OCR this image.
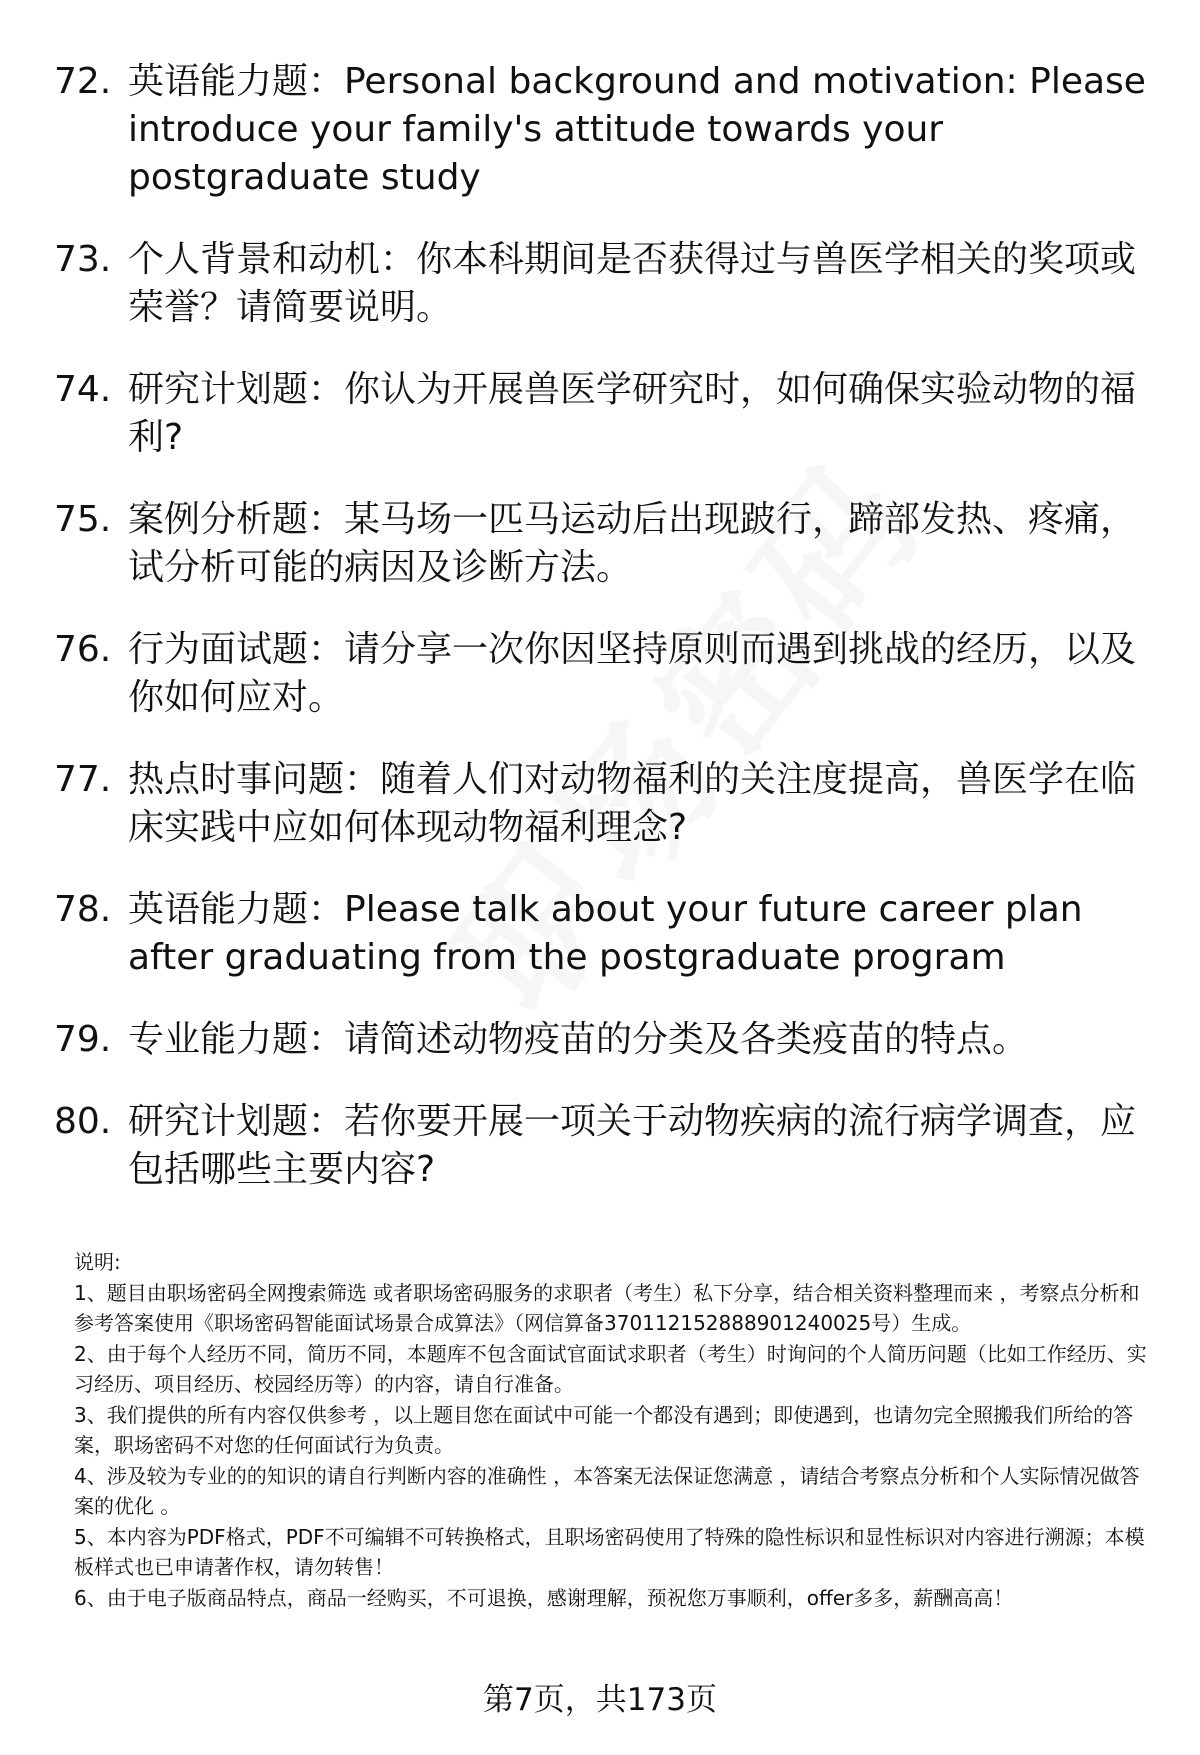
72. 英语能力题：Personal background and motivation: Please introduce your family's attitude towards your postgraduate study
73. 个人背景和动机：你本科期间是否获得过与兽医学相关的奖项或荣誉？请简要说明。
74. 研究计划题：你认为开展兽医学研究时，如何确保实验动物的福利?
75. 案例分析题：某马场一匹马运动后出现跛行，蹄部发热、疼痛，试分析可能的病因及诊断方法。
76. 行为面试题：请分享一次你因坚持原则而遇到挑战的经历，以及你如何应对。
77. 热点时事问题：随着人们对动物福利的关注度提高，兽医学在临床实践中应如何体现动物福利理念?
78. 英语能力题：Please talk about your future career plan after graduating from the postgraduate program
79. 专业能力题：请简述动物疫苗的分类及各类疫苗的特点。
80. 研究计划题：若你要开展一项关于动物疾病的流行病学调查，应包括哪些主要内容?

说明:

1、题目由职场密码全网搜索筛选 或者职场密码服务的求职者（考生）私下分享，结合相关资料整理而来 ，考察点分析和参考答案使用《职场密码智能面试场景合成算法》（网信算备370112152888901240025号）生成。

2、由于每个人经历不同，简历不同，本题库不包含面试官面试求职者（考生）时询问的个人简历问题（比如工作经历、实习经历、项目经历、校园经历等）的内容，请自行准备。

3、我们提供的所有内容仅供参考 ，以上题目您在面试中可能一个都没有遇到；即使遇到，也请勿完全照搬我们所给的答案，职场密码不对您的任何面试行为负责。

4、涉及较为专业的的知识的请自行判断内容的准确性 ，本答案无法保证您满意 ，请结合考察点分析和个人实际情况做答案的优化 。

5、本内容为PDF格式，PDF不可编辑不可转换格式，且职场密码使用了特殊的隐性标识和显性标识对内容进行溯源；本模板样式也已申请著作权，请勿转售！

6、由于电子版商品特点，商品一经购买，不可退换，感谢理解，预祝您万事顺利，offer多多，薪酬高高！

第7页，共173页
